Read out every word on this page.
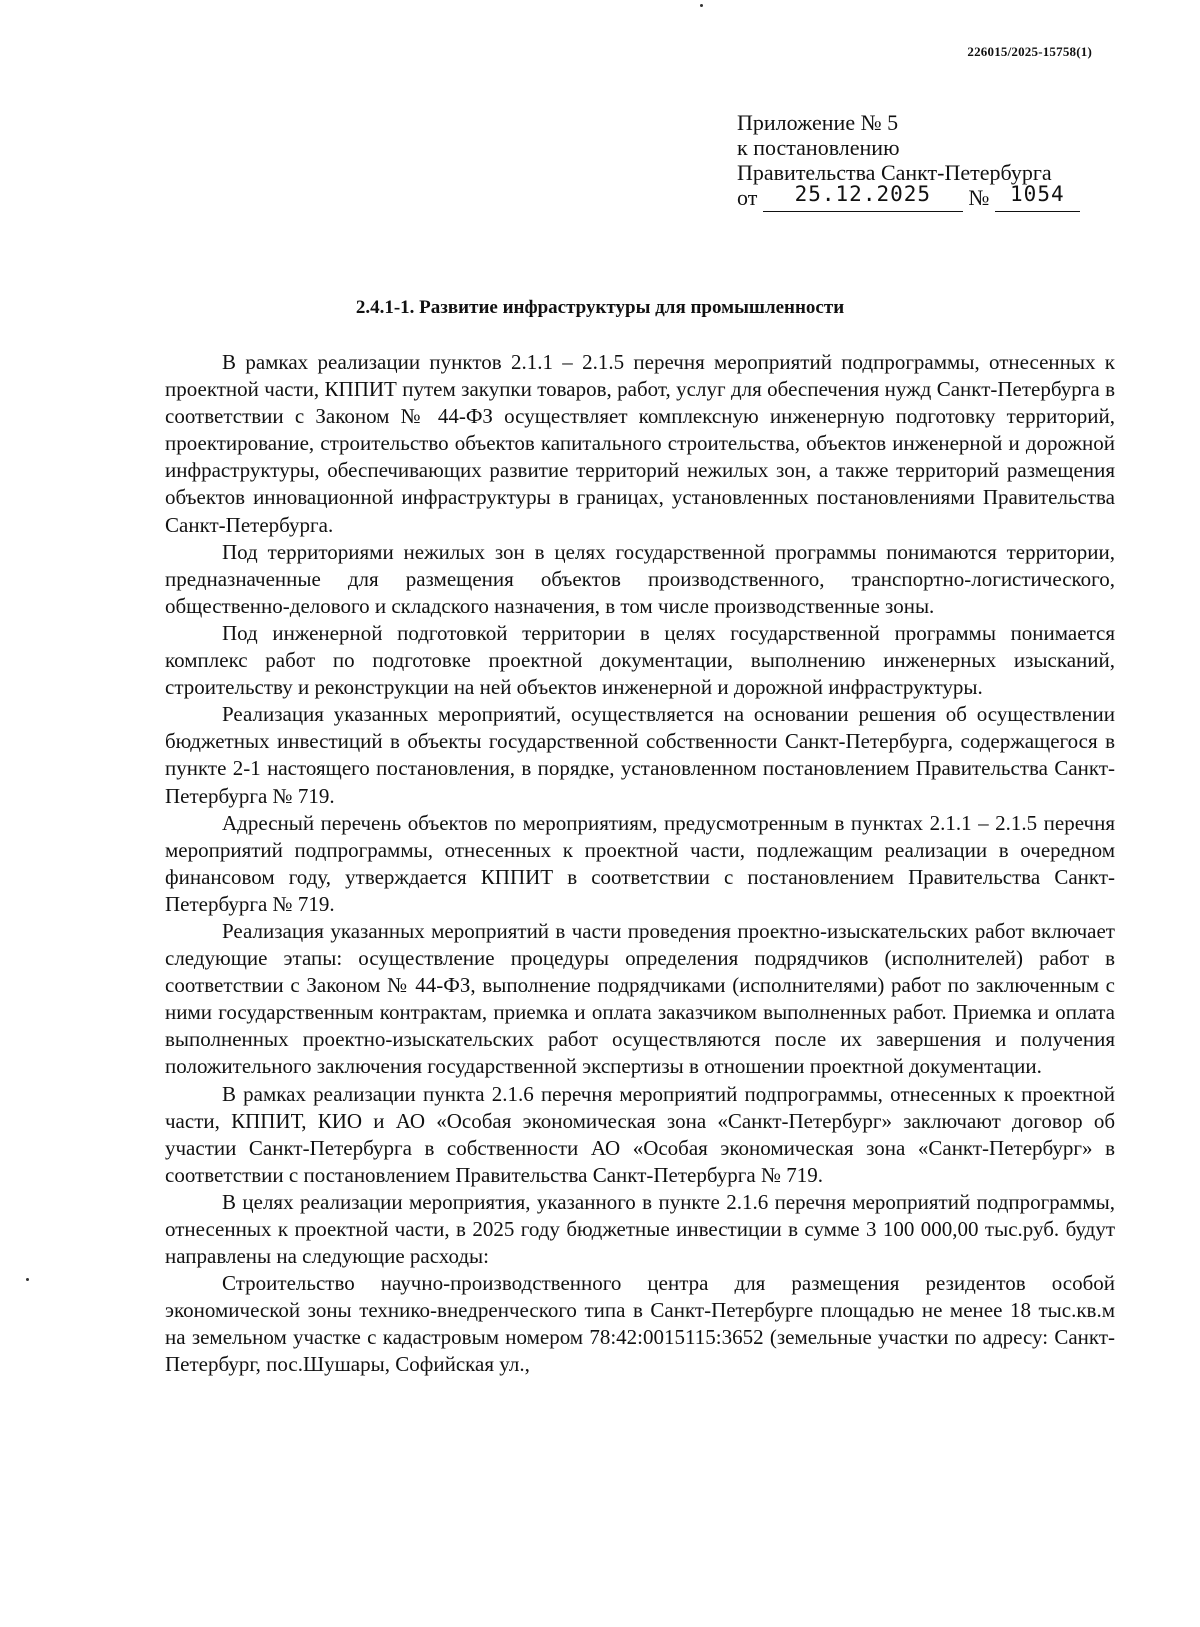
226015/2025-15758(1)
Приложение № 5
к постановлению
Правительства Санкт-Петербурга
от 25.12.2025 № 1054
2.4.1-1. Развитие инфраструктуры для промышленности

В рамках реализации пунктов 2.1.1 – 2.1.5 перечня мероприятий подпрограммы, отнесенных к проектной части, КППИТ путем закупки товаров, работ, услуг для обеспечения нужд Санкт-Петербурга в соответствии с Законом № 44-ФЗ осуществляет комплексную инженерную подготовку территорий, проектирование, строительство объектов капитального строительства, объектов инженерной и дорожной инфраструктуры, обеспечивающих развитие территорий нежилых зон, а также территорий размещения объектов инновационной инфраструктуры в границах, установленных постановлениями Правительства Санкт-Петербурга.

Под территориями нежилых зон в целях государственной программы понимаются территории, предназначенные для размещения объектов производственного, транспортно-логистического, общественно-делового и складского назначения, в том числе производственные зоны.

Под инженерной подготовкой территории в целях государственной программы понимается комплекс работ по подготовке проектной документации, выполнению инженерных изысканий, строительству и реконструкции на ней объектов инженерной и дорожной инфраструктуры.

Реализация указанных мероприятий, осуществляется на основании решения об осуществлении бюджетных инвестиций в объекты государственной собственности Санкт-Петербурга, содержащегося в пункте 2-1 настоящего постановления, в порядке, установленном постановлением Правительства Санкт-Петербурга № 719.

Адресный перечень объектов по мероприятиям, предусмотренным в пунктах 2.1.1 – 2.1.5 перечня мероприятий подпрограммы, отнесенных к проектной части, подлежащим реализации в очередном финансовом году, утверждается КППИТ в соответствии с постановлением Правительства Санкт-Петербурга № 719.

Реализация указанных мероприятий в части проведения проектно-изыскательских работ включает следующие этапы: осуществление процедуры определения подрядчиков (исполнителей) работ в соответствии с Законом № 44-ФЗ, выполнение подрядчиками (исполнителями) работ по заключенным с ними государственным контрактам, приемка и оплата заказчиком выполненных работ. Приемка и оплата выполненных проектно-изыскательских работ осуществляются после их завершения и получения положительного заключения государственной экспертизы в отношении проектной документации.

В рамках реализации пункта 2.1.6 перечня мероприятий подпрограммы, отнесенных к проектной части, КППИТ, КИО и АО «Особая экономическая зона «Санкт-Петербург» заключают договор об участии Санкт-Петербурга в собственности АО «Особая экономическая зона «Санкт-Петербург» в соответствии с постановлением Правительства Санкт-Петербурга № 719.

В целях реализации мероприятия, указанного в пункте 2.1.6 перечня мероприятий подпрограммы, отнесенных к проектной части, в 2025 году бюджетные инвестиции в сумме 3 100 000,00 тыс.руб. будут направлены на следующие расходы:

Строительство научно-производственного центра для размещения резидентов особой экономической зоны технико-внедренческого типа в Санкт-Петербурге площадью не менее 18 тыс.кв.м на земельном участке с кадастровым номером 78:42:0015115:3652 (земельные участки по адресу: Санкт-Петербург, пос.Шушары, Софийская ул.,
